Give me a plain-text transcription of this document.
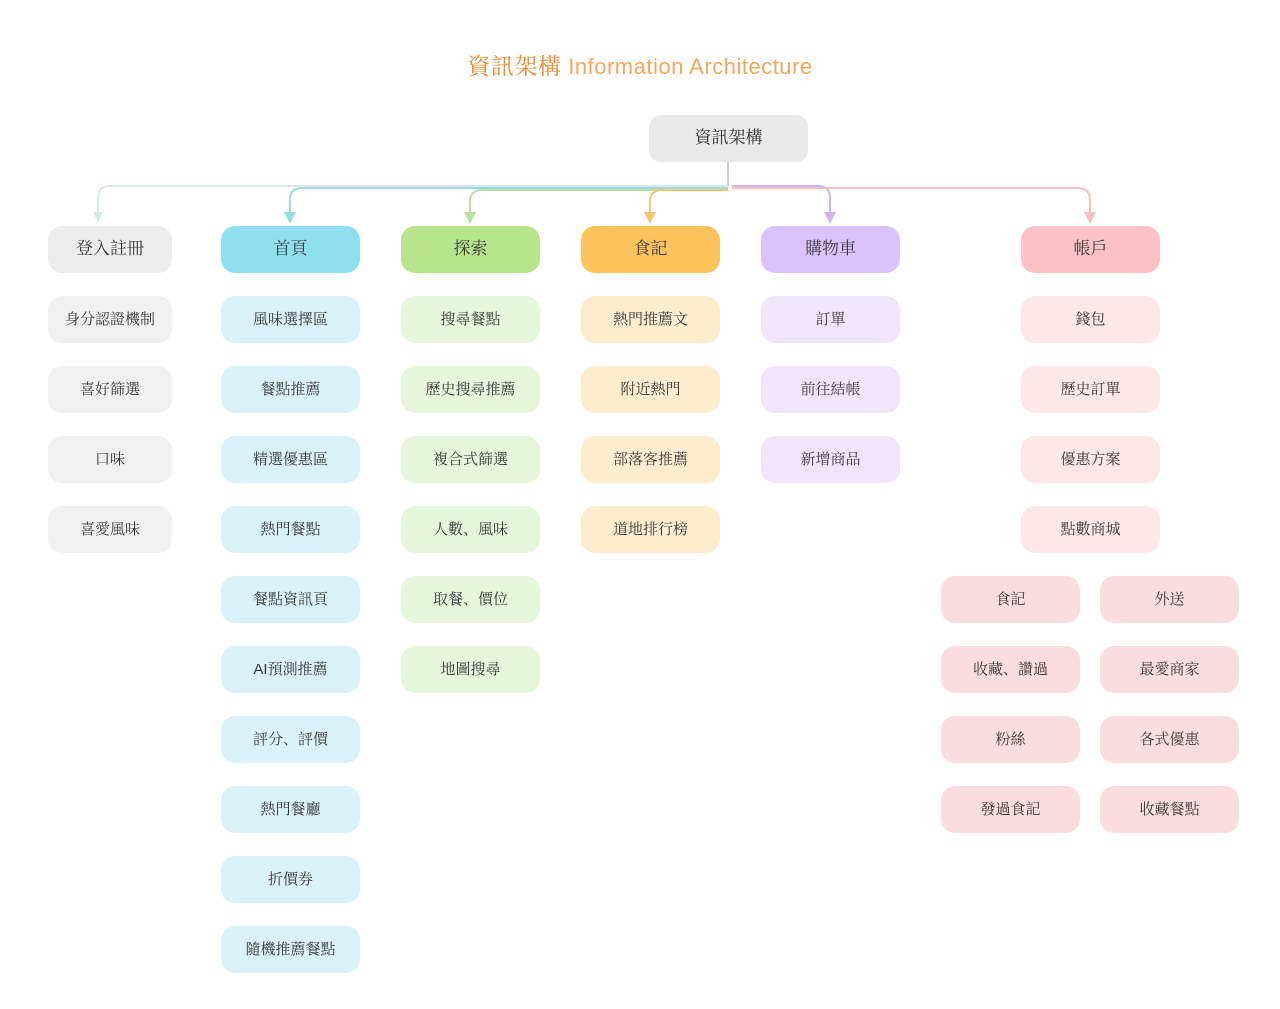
資訊架構 Information Architecture
資訊架構
登入註冊
身分認證機制
喜好篩選
口味
喜愛風味
首頁
風味選擇區
餐點推薦
精選優惠區
熱門餐點
餐點資訊頁
AI預測推薦
評分、評價
熱門餐廳
折價券
隨機推薦餐點
探索
搜尋餐點
歷史搜尋推薦
複合式篩選
人數、風味
取餐、價位
地圖搜尋
食記
熱門推薦文
附近熱門
部落客推薦
道地排行榜
購物車
訂單
前往結帳
新增商品
帳戶
錢包
歷史訂單
優惠方案
點數商城
食記
收藏、讚過
粉絲
發過食記
外送
最愛商家
各式優惠
收藏餐點
